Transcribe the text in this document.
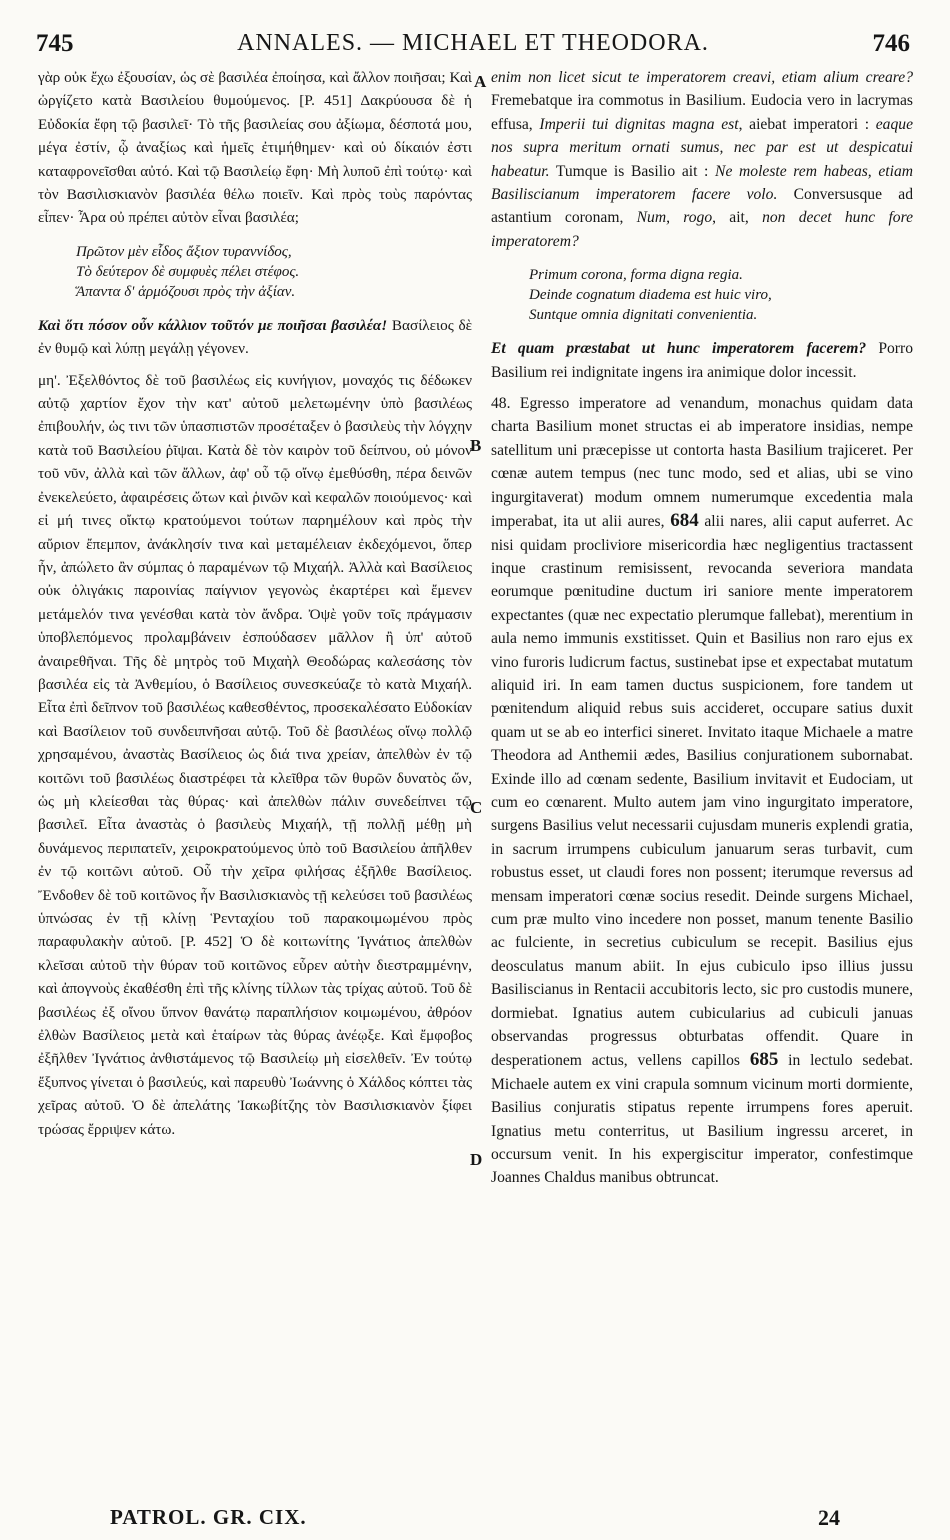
745	ANNALES. — MICHAEL ET THEODORA.	746

γὰρ οὐκ ἔχω ἐξουσίαν, ὡς σὲ βασιλέα ἐποίησα, καὶ ἄλλον ποιῆσαι; Καὶ ὠργίζετο κατὰ Βασιλείου θυμούμενος. [P. 451] Δακρύουσα δὲ ἡ Εὐδοκία ἔφη τῷ βασιλεῖ· Τὸ τῆς βασιλείας σου ἀξίωμα, δέσποτά μου, μέγα ἐστίν, ᾧ ἀναξίως καὶ ἡμεῖς ἐτιμήθημεν· καὶ οὐ δίκαιόν ἐστι καταφρονεῖσθαι αὐτό. Καὶ τῷ Βασιλείῳ ἔφη· Μὴ λυποῦ ἐπὶ τούτῳ· καὶ τὸν Βασιλισκιανὸν βασιλέα θέλω ποιεῖν. Καὶ πρὸς τοὺς παρόντας εἶπεν· Ἆρα οὐ πρέπει αὐτὸν εἶναι βασιλέα;

Πρῶτον μὲν εἶδος ἄξιον τυραννίδος,
Τὸ δεύτερον δὲ συμφυὲς πέλει στέφος.
Ἅπαντα δ' ἁρμόζουσι πρὸς τὴν ἀξίαν.

Καὶ ὅτι πόσον οὖν κάλλιον τοῦτόν με ποιῆσαι βασιλέα! Βασίλειος δὲ ἐν θυμῷ καὶ λύπῃ μεγάλῃ γέγονεν.

μη'. Ἐξελθόντος δὲ τοῦ βασιλέως εἰς κυνήγιον, μοναχός τις δέδωκεν αὐτῷ χαρτίον ἔχον τὴν κατ' αὐτοῦ μελετωμένην ὑπὸ βασιλέως ἐπιβουλήν, ὡς τινι τῶν ὑπασπιστῶν προσέταξεν ὁ βασιλεὺς τὴν λόγχην κατὰ τοῦ Βασιλείου ῥῖψαι. Κατὰ δὲ τὸν καιρὸν τοῦ δείπνου, οὐ μόνον τοῦ νῦν, ἀλλὰ καὶ τῶν ἄλλων, ἀφ' οὗ τῷ οἴνῳ ἐμεθύσθη, πέρα δεινῶν ἐνεκελεύετο, ἀφαιρέσεις ὤτων καὶ ῥινῶν καὶ κεφαλῶν ποιούμενος· καὶ εἰ μή τινες οἴκτῳ κρατούμενοι τούτων παρημέλουν καὶ πρὸς τὴν αὔριον ἔπεμπον, ἀνάκλησίν τινα καὶ μεταμέλειαν ἐκδεχόμενοι, ὅπερ ἦν, ἀπώλετο ἂν σύμπας ὁ παραμένων τῷ Μιχαήλ. Ἀλλὰ καὶ Βασίλειος οὐκ ὀλιγάκις παροινίας παίγνιον γεγονὼς ἐκαρτέρει καὶ ἔμενεν μετάμελόν τινα γενέσθαι κατὰ τὸν ἄνδρα. Ὀψὲ γοῦν τοῖς πράγμασιν ὑποβλεπόμενος προλαμβάνειν ἐσπούδασεν μᾶλλον ἢ ὑπ' αὐτοῦ ἀναιρεθῆναι. Τῆς δὲ μητρὸς τοῦ Μιχαὴλ Θεοδώρας καλεσάσης τὸν βασιλέα εἰς τὰ Ἀνθεμίου, ὁ Βασίλειος συνεσκεύαζε τὸ κατὰ Μιχαήλ. Εἶτα ἐπὶ δεῖπνον τοῦ βασιλέως καθεσθέντος, προσεκαλέσατο Εὐδοκίαν καὶ Βασίλειον τοῦ συνδειπνῆσαι αὐτῷ. Τοῦ δὲ βασιλέως οἴνῳ πολλῷ χρησαμένου, ἀναστὰς Βασίλειος ὡς διά τινα χρείαν, ἀπελθὼν ἐν τῷ κοιτῶνι τοῦ βασιλέως διαστρέφει τὰ κλεῖθρα τῶν θυρῶν δυνατὸς ὤν, ὡς μὴ κλείεσθαι τὰς θύρας· καὶ ἀπελθὼν πάλιν συνεδείπνει τῷ βασιλεῖ. Εἶτα ἀναστὰς ὁ βασιλεὺς Μιχαήλ, τῇ πολλῇ μέθῃ μὴ δυνάμενος περιπατεῖν, χειροκρατούμενος ὑπὸ τοῦ Βασιλείου ἀπῆλθεν ἐν τῷ κοιτῶνι αὐτοῦ. Οὗ τὴν χεῖρα φιλήσας ἐξῆλθε Βασίλειος. Ἔνδοθεν δὲ τοῦ κοιτῶνος ἦν Βασιλισκιανὸς τῇ κελεύσει τοῦ βασιλέως ὑπνώσας ἐν τῇ κλίνῃ Ῥενταχίου τοῦ παρακοιμωμένου πρὸς παραφυλακὴν αὐτοῦ. [P. 452] Ὁ δὲ κοιτωνίτης Ἰγνάτιος ἀπελθὼν κλεῖσαι αὐτοῦ τὴν θύραν τοῦ κοιτῶνος εὗρεν αὐτὴν διεστραμμένην, καὶ ἀπογνοὺς ἐκαθέσθη ἐπὶ τῆς κλίνης τίλλων τὰς τρίχας αὐτοῦ. Τοῦ δὲ βασιλέως ἐξ οἴνου ὕπνον θανάτῳ παραπλήσιον κοιμωμένου, ἀθρόον ἐλθὼν Βασίλειος μετὰ καὶ ἑταίρων τὰς θύρας ἀνέῳξε. Καὶ ἔμφοβος ἐξῆλθεν Ἰγνάτιος ἀνθιστάμενος τῷ Βασιλείῳ μὴ εἰσελθεῖν. Ἐν τούτῳ ἔξυπνος γίνεται ὁ βασιλεύς, καὶ παρευθὺ Ἰωάννης ὁ Χάλδος κόπτει τὰς χεῖρας αὐτοῦ. Ὁ δὲ ἀπελάτης Ἰακωβίτζης τὸν Βασιλισκιανὸν ξίφει τρώσας ἔρριψεν κάτω.

enim non licet sicut te imperatorem creavi, etiam alium creare? Fremebatque ira commotus in Basilium. Eudocia vero in lacrymas effusa, Imperii tui dignitas magna est, aiebat imperatori : eaque nos supra meritum ornati sumus, nec par est ut despicatui habeatur. Tumque is Basilio ait : Ne moleste rem habeas, etiam Basiliscianum imperatorem facere volo. Conversusque ad astantium coronam, Num, rogo, ait, non decet hunc fore imperatorem?

Primum corona, forma digna regia.
Deinde cognatum diadema est huic viro,
Suntque omnia dignitati convenientia.

Et quam præstabat ut hunc imperatorem facerem? Porro Basilium rei indignitate ingens ira animique dolor incessit.

48. Egresso imperatore ad venandum, monachus quidam data charta Basilium monet structas ei ab imperatore insidias, nempe satellitum uni præcepisse ut contorta hasta Basilium trajiceret. Per cœnæ autem tempus (nec tunc modo, sed et alias, ubi se vino ingurgitaverat) modum omnem numerumque excedentia mala imperabat, ita ut alii aures, 684 alii nares, alii caput auferret. Ac nisi quidam procliviore misericordia hæc negligentius tractassent inque crastinum remisissent, revocanda severiora mandata eorumque pœnitudine ductum iri saniore mente imperatorem expectantes (quæ nec expectatio plerumque fallebat), merentium in aula nemo immunis exstitisset. Quin et Basilius non raro ejus ex vino furoris ludicrum factus, sustinebat ipse et expectabat mutatum aliquid iri. In eam tamen ductus suspicionem, fore tandem ut pœnitendum aliquid rebus suis accideret, occupare satius duxit quam ut se ab eo interfici sineret. Invitato itaque Michaele a matre Theodora ad Anthemii ædes, Basilius conjurationem subornabat. Exinde illo ad cœnam sedente, Basilium invitavit et Eudociam, ut cum eo cœnarent. Multo autem jam vino ingurgitato imperatore, surgens Basilius velut necessarii cujusdam muneris explendi gratia, in sacrum irrumpens cubiculum januarum seras turbavit, cum robustus esset, ut claudi fores non possent; iterumque reversus ad mensam imperatori cœnæ socius resedit. Deinde surgens Michael, cum præ multo vino incedere non posset, manum tenente Basilio ac fulciente, in secretius cubiculum se recepit. Basilius ejus deosculatus manum abiit. In ejus cubiculo ipso illius jussu Basiliscianus in Rentacii accubitoris lecto, sic pro custodis munere, dormiebat. Ignatius autem cubicularius ad cubiculi januas observandas progressus obturbatas offendit. Quare in desperationem actus, vellens capillos 685 in lectulo sedebat. Michaele autem ex vini crapula somnum vicinum morti dormiente, Basilius conjuratis stipatus repente irrumpens fores aperuit. Ignatius metu conterritus, ut Basilium ingressu arceret, in occursum venit. In his expergiscitur imperator, confestimque Joannes Chaldus manibus obtruncat.

A
B
C
D
PATROL. GR. CIX.	24
